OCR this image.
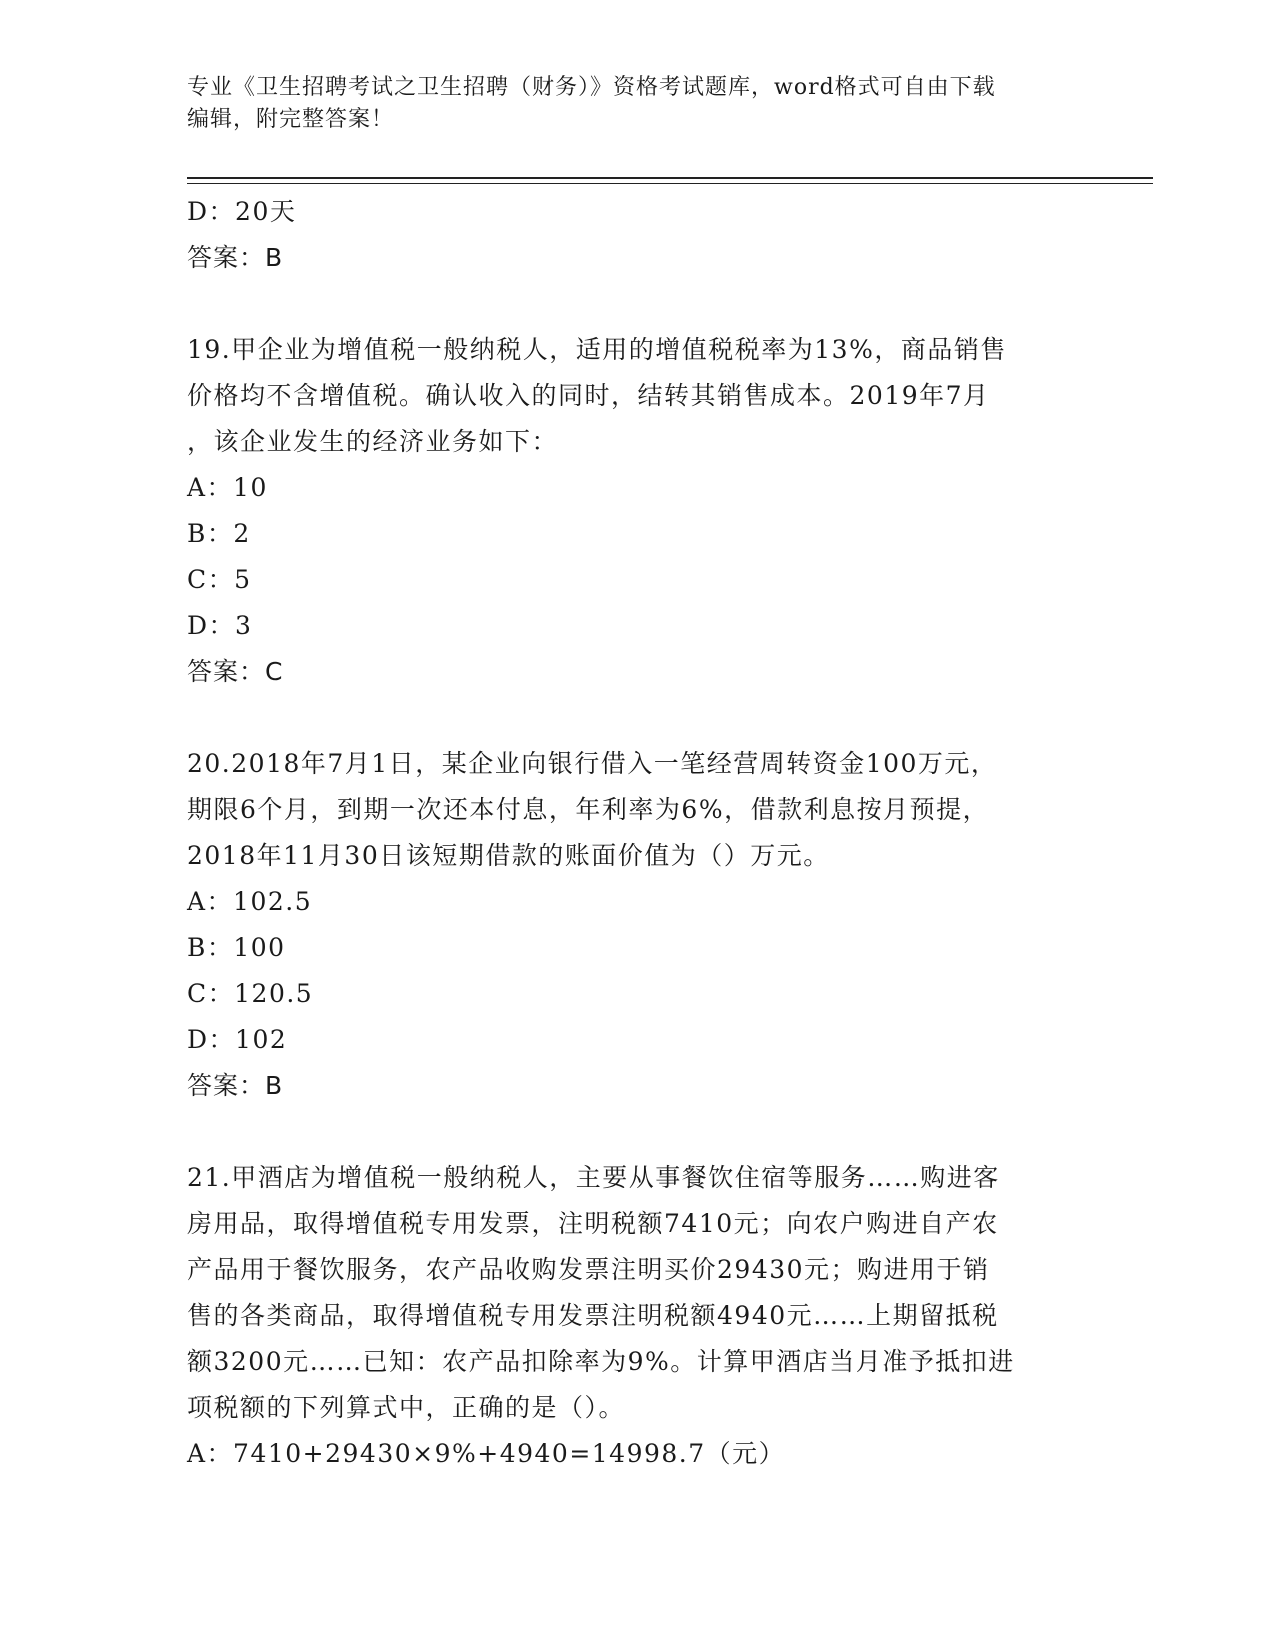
专业《卫生招聘考试之卫生招聘（财务）》资格考试题库，word格式可自由下载
编辑，附完整答案！

D：20天

答案：B

19.甲企业为增值税一般纳税人，适用的增值税税率为13%，商品销售

价格均不含增值税。确认收入的同时，结转其销售成本。2019年7月

，该企业发生的经济业务如下：

A：10

B：2

C：5

D：3

答案：C

20.2018年7月1日，某企业向银行借入一笔经营周转资金100万元，

期限6个月，到期一次还本付息，年利率为6%，借款利息按月预提，

2018年11月30日该短期借款的账面价值为（）万元。

A：102.5

B：100

C：120.5

D：102

答案：B

21.甲酒店为增值税一般纳税人，主要从事餐饮住宿等服务……购进客

房用品，取得增值税专用发票，注明税额7410元；向农户购进自产农

产品用于餐饮服务，农产品收购发票注明买价29430元；购进用于销

售的各类商品，取得增值税专用发票注明税额4940元……上期留抵税

额3200元……已知：农产品扣除率为9%。计算甲酒店当月准予抵扣进

项税额的下列算式中，正确的是（）。

A：7410+29430×9%+4940=14998.7（元）
